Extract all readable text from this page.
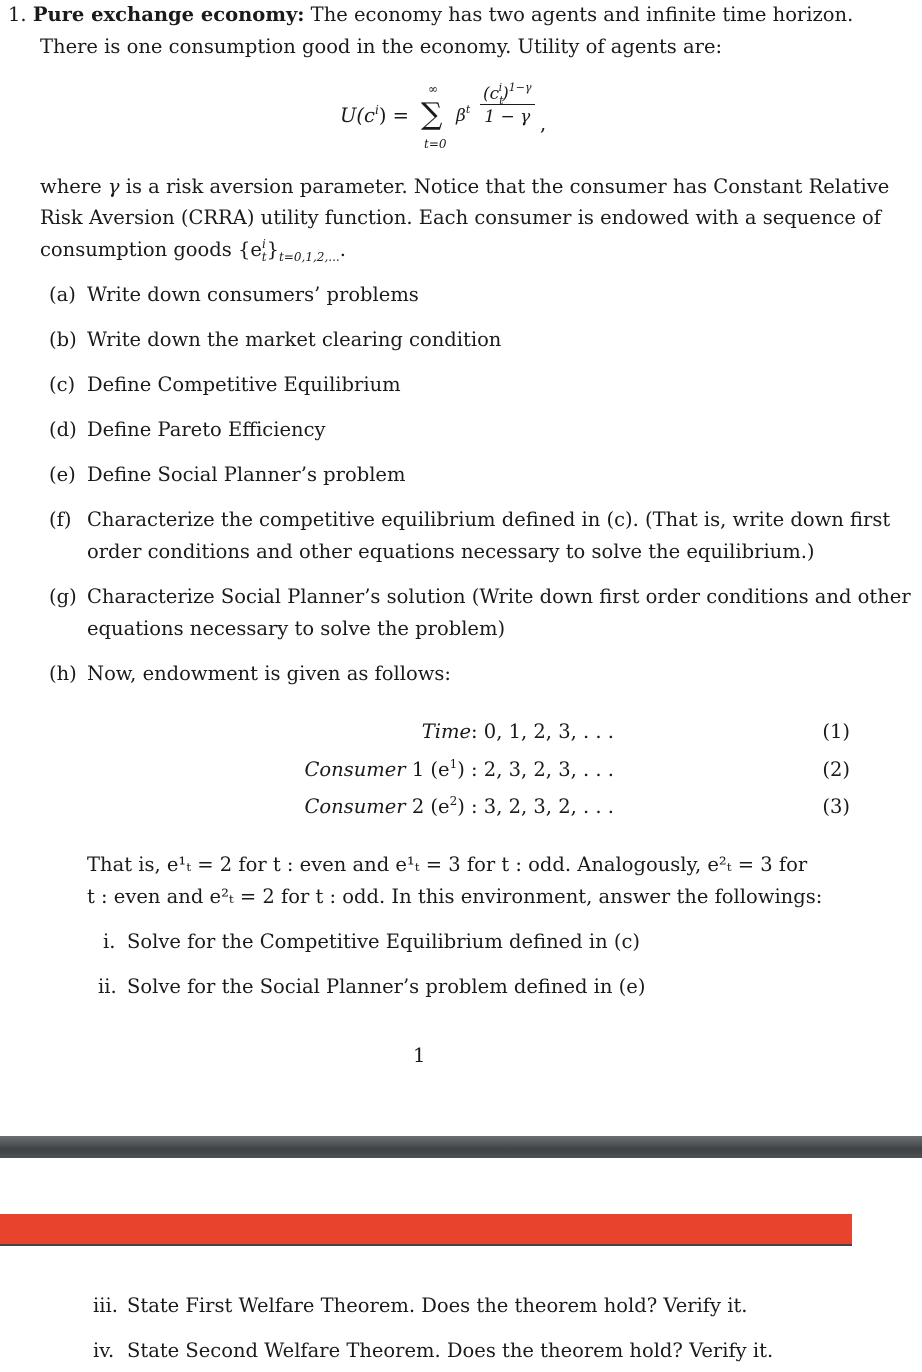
1. Pure exchange economy: The economy has two agents and infinite time horizon.
There is one consumption good in the economy. Utility of agents are:
$U(c^i)$ =
∞
∑
t=0
$\beta^t$
$(c_t^i)^{1-\gamma}$
1 − γ ,
where γ is a risk aversion parameter. Notice that the consumer has Constant Relative
Risk Aversion (CRRA) utility function. Each consumer is endowed with a sequence of
consumption goods $\{e^i_t\}_{t=0,1,2,...}$.
(a) Write down consumers’ problems
(b) Write down the market clearing condition
(c) Define Competitive Equilibrium
(d) Define Pareto Efficiency
(e) Define Social Planner’s problem
(f) Characterize the competitive equilibrium defined in (c). (That is, write down first
order conditions and other equations necessary to solve the equilibrium.)
(g) Characterize Social Planner’s solution (Write down first order conditions and other
equations necessary to solve the problem)
(h) Now, endowment is given as follows:
Time: 0, 1, 2, 3, . . .
Consumer 1 $(e^1)$ : 2, 3, 2, 3, . . .
Consumer 2 $(e^2)$ : 3, 2, 3, 2, . . .
(1)
(2)
(3)
That is, e¹ₜ = 2 for t : even and e¹ₜ = 3 for t : odd. Analogously, e²ₜ = 3 for
t : even and e²ₜ = 2 for t : odd. In this environment, answer the followings:
i. Solve for the Competitive Equilibrium defined in (c)
ii. Solve for the Social Planner’s problem defined in (e)
1
iii. State First Welfare Theorem. Does the theorem hold? Verify it.
iv. State Second Welfare Theorem. Does the theorem hold? Verify it.
